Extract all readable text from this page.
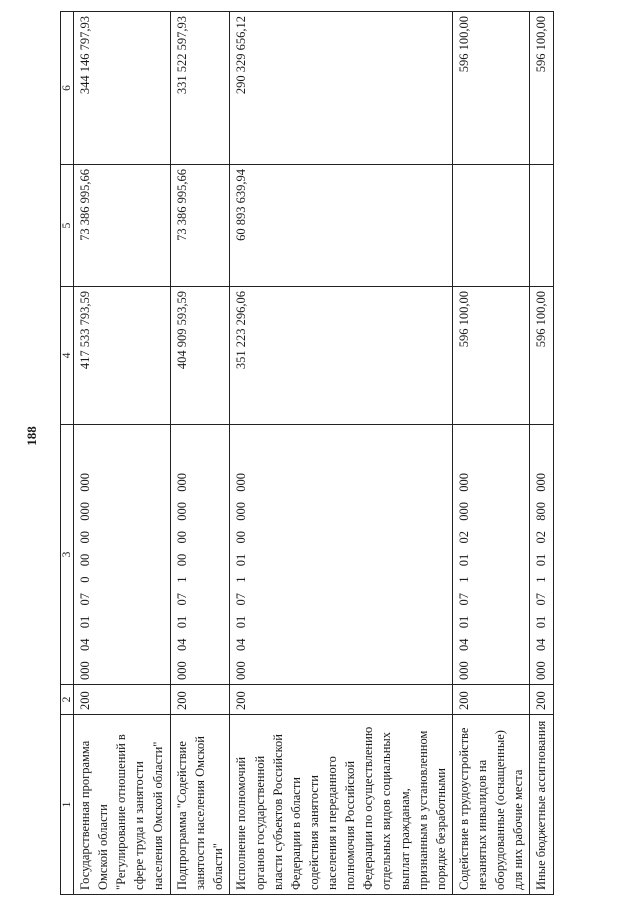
188
1	2	3	4	5	6
Государственная программа Омской области "Регулирование отношений в сфере труда и занятости населения Омской области"	200	000  04  01  07  0  00  00  000  000	417 533 793,59	73 386 995,66	344 146 797,93
Подпрограмма "Содействие занятости населения Омской области"	200	000  04  01  07  1  00  00  000  000	404 909 593,59	73 386 995,66	331 522 597,93
Исполнение полномочий органов государственной власти субъектов Российской Федерации в области содействия занятости населения и переданного полномочия Российской Федерации по осуществлению отдельных видов социальных выплат гражданам, признанным в установленном порядке безработными	200	000  04  01  07  1  01  00  000  000	351 223 296,06	60 893 639,94	290 329 656,12
Содействие в трудоустройстве незанятых инвалидов на оборудованные (оснащенные) для них рабочие места	200	000  04  01  07  1  01  02  000  000	596 100,00		596 100,00
Иные бюджетные ассигнования	200	000  04  01  07  1  01  02  800  000	596 100,00		596 100,00
